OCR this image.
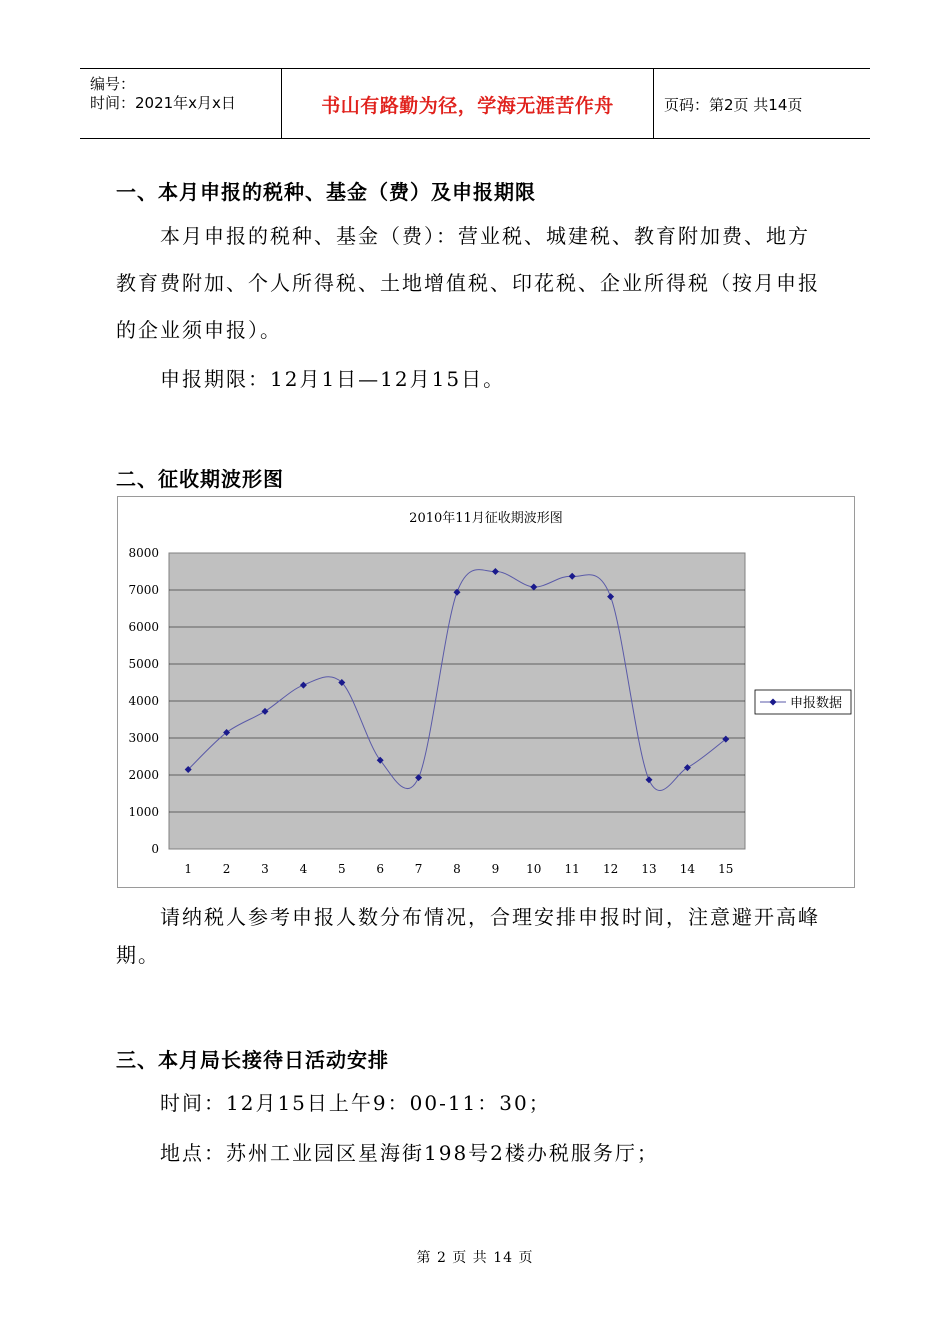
编号：
时间：2021年x月x日	书山有路勤为径，学海无涯苦作舟	页码：第2页 共14页
一、本月申报的税种、基金（费）及申报期限
本月申报的税种、基金（费）：营业税、城建税、教育附加费、地方
教育费附加、个人所得税、土地增值税、印花税、企业所得税（按月申报
的企业须申报）。
申报期限：12月1日—12月15日。
二、征收期波形图
2010年11月征收期波形图
0
1000
2000
3000
4000
5000
6000
7000
8000
1	2	3	4	5	6	7	8	9 10 11 12 13 14 15
申报数据
请纳税人参考申报人数分布情况，合理安排申报时间，注意避开高峰
期。
三、本月局长接待日活动安排
时间：12月15日上午9：00-11：30；
地点：苏州工业园区星海街198号2楼办税服务厅；
第 2 页 共 14 页
